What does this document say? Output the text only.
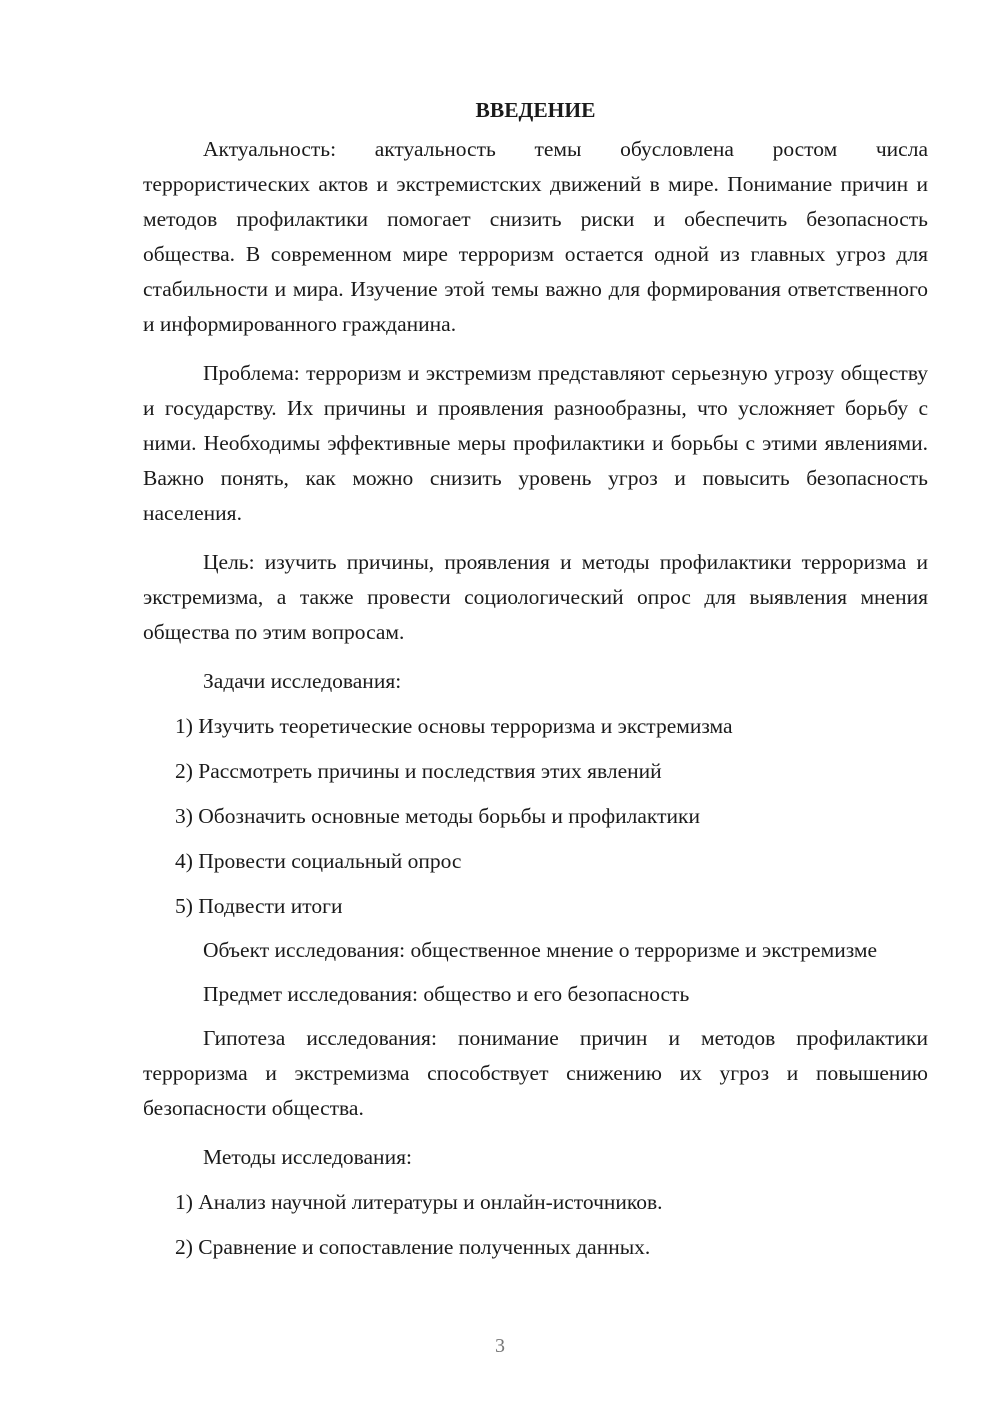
ВВЕДЕНИЕ

Актуальность: актуальность темы обусловлена ростом числа террористических актов и экстремистских движений в мире. Понимание причин и методов профилактики помогает снизить риски и обеспечить безопасность общества. В современном мире терроризм остается одной из главных угроз для стабильности и мира. Изучение этой темы важно для формирования ответственного и информированного гражданина.

Проблема: терроризм и экстремизм представляют серьезную угрозу обществу и государству. Их причины и проявления разнообразны, что усложняет борьбу с ними. Необходимы эффективные меры профилактики и борьбы с этими явлениями. Важно понять, как можно снизить уровень угроз и повысить безопасность населения.

Цель: изучить причины, проявления и методы профилактики терроризма и экстремизма, а также провести социологический опрос для выявления мнения общества по этим вопросам.

Задачи исследования:

1) Изучить теоретические основы терроризма и экстремизма

2) Рассмотреть причины и последствия этих явлений

3) Обозначить основные методы борьбы и профилактики

4) Провести социальный опрос

5) Подвести итоги

Объект исследования: общественное мнение о терроризме и экстремизме

Предмет исследования: общество и его безопасность

Гипотеза исследования: понимание причин и методов профилактики терроризма и экстремизма способствует снижению их угроз и повышению безопасности общества.

Методы исследования:

1) Анализ научной литературы и онлайн-источников.

2) Сравнение и сопоставление полученных данных.

3
